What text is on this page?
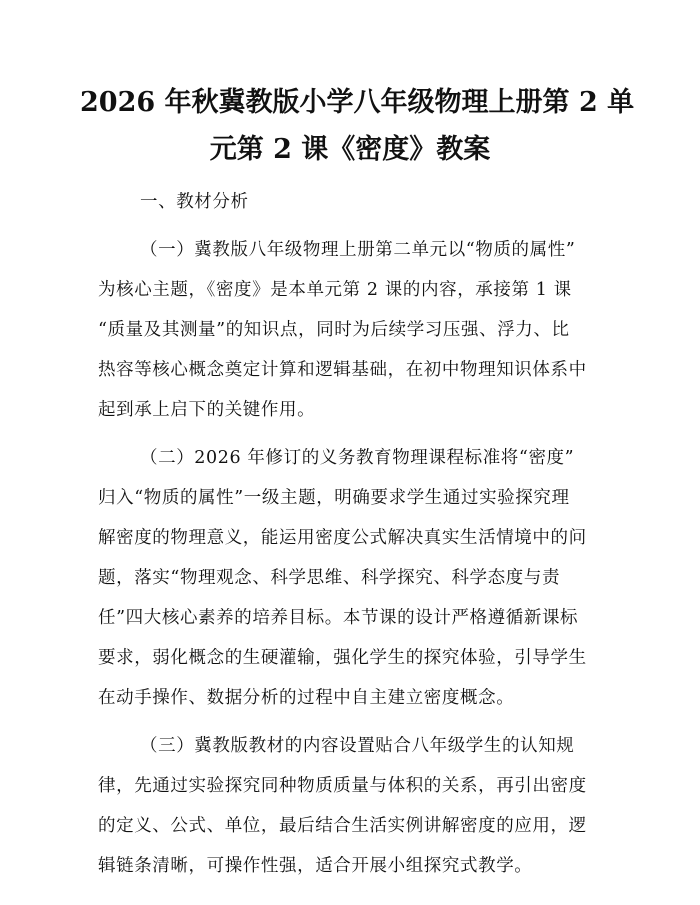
2026 年秋冀教版小学八年级物理上册第 2 单
元第 2 课《密度》教案

一、教材分析

（一）冀教版八年级物理上册第二单元以“物质的属性”

为核心主题，《密度》是本单元第 2 课的内容，承接第 1 课

“质量及其测量”的知识点，同时为后续学习压强、浮力、比

热容等核心概念奠定计算和逻辑基础，在初中物理知识体系中

起到承上启下的关键作用。

（二）2026 年修订的义务教育物理课程标准将“密度”

归入“物质的属性”一级主题，明确要求学生通过实验探究理

解密度的物理意义，能运用密度公式解决真实生活情境中的问

题，落实“物理观念、科学思维、科学探究、科学态度与责

任”四大核心素养的培养目标。本节课的设计严格遵循新课标

要求，弱化概念的生硬灌输，强化学生的探究体验，引导学生

在动手操作、数据分析的过程中自主建立密度概念。

（三）冀教版教材的内容设置贴合八年级学生的认知规

律，先通过实验探究同种物质质量与体积的关系，再引出密度

的定义、公式、单位，最后结合生活实例讲解密度的应用，逻

辑链条清晰，可操作性强，适合开展小组探究式教学。
